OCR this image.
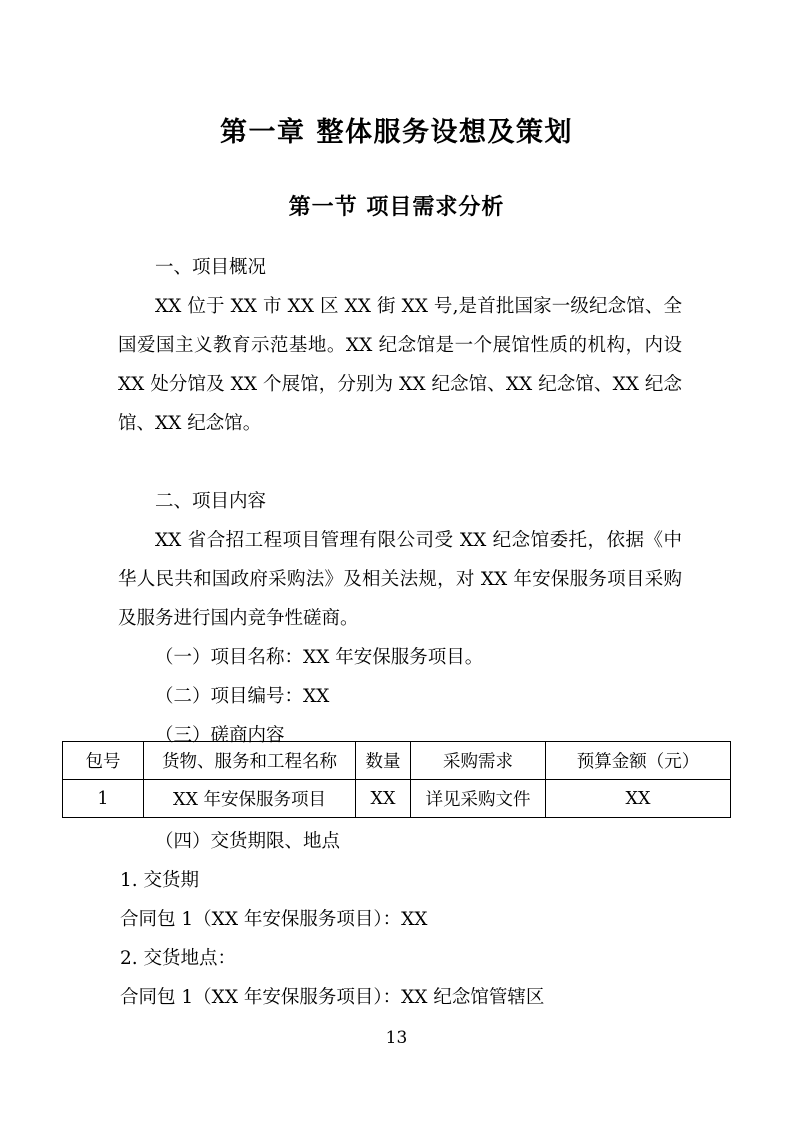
第一章 整体服务设想及策划
第一节 项目需求分析

一、项目概况

XX 位于 XX 市 XX 区 XX 街 XX 号,是首批国家一级纪念馆、全国爱国主义教育示范基地。XX 纪念馆是一个展馆性质的机构，内设 XX 处分馆及 XX 个展馆，分别为 XX 纪念馆、XX 纪念馆、XX 纪念馆、XX 纪念馆。

二、项目内容

XX 省合招工程项目管理有限公司受 XX 纪念馆委托，依据《中华人民共和国政府采购法》及相关法规，对 XX 年安保服务项目采购及服务进行国内竞争性磋商。

（一）项目名称：XX 年安保服务项目。

（二）项目编号：XX

（三）磋商内容

包号	货物、服务和工程名称	数量	采购需求	预算金额（元）
1	XX 年安保服务项目	XX	详见采购文件	XX

（四）交货期限、地点

1. 交货期

合同包 1（XX 年安保服务项目）：XX

2. 交货地点：

合同包 1（XX 年安保服务项目）：XX 纪念馆管辖区

13
